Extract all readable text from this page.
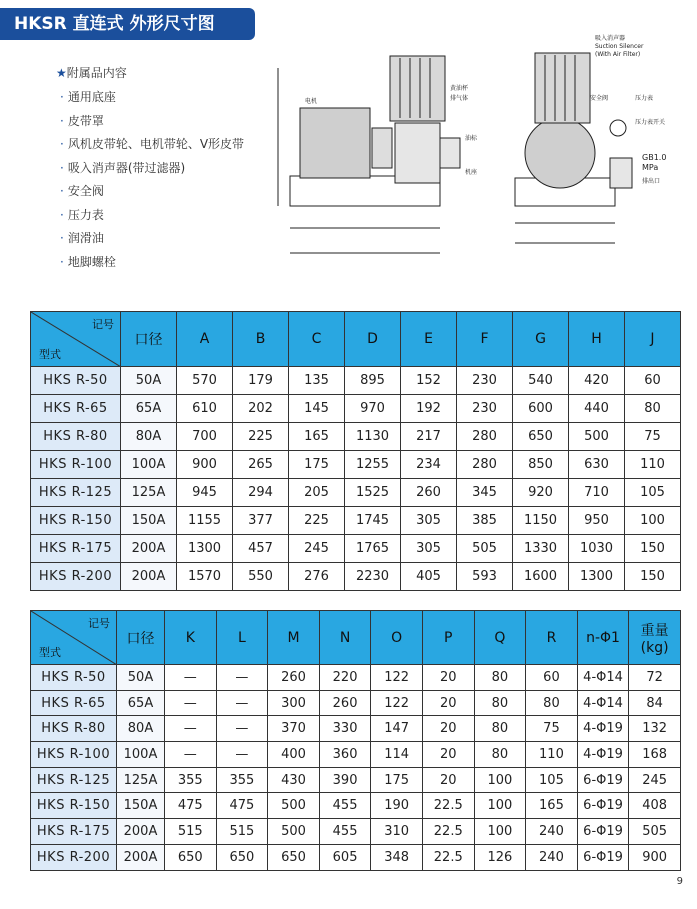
HKSR 直连式 外形尺寸图
★附属品内容
· 通用底座
· 皮带罩
· 风机皮带轮、电机带轮、V形皮带
· 吸入消声器(带过滤器)
· 安全阀
· 压力表
· 润滑油
· 地脚螺栓
电机
黄油杯
排气体
油标
机座
吸入消声器
Suction Silencer
(With Air Filter)
安全阀	压力表
压力表开关
GB1.0
MPa
排出口
记号
型式	口径	A	B	C	D	E	F	G	H	J
HKS R-50	50A	570	179	135	895	152	230	540	420	60
HKS R-65	65A	610	202	145	970	192	230	600	440	80
HKS R-80	80A	700	225	165	1130	217	280	650	500	75
HKS R-100	100A	900	265	175	1255	234	280	850	630	110
HKS R-125	125A	945	294	205	1525	260	345	920	710	105
HKS R-150	150A	1155	377	225	1745	305	385	1150	950	100
HKS R-175	200A	1300	457	245	1765	305	505	1330	1030	150
HKS R-200	200A	1570	550	276	2230	405	593	1600	1300	150
记号
型式	口径	K	L	M	N	O	P	Q	R	n-Φ1	重量
(kg)
HKS R-50	50A	—	—	260	220	122	20	80	60	4-Φ14	72
HKS R-65	65A	—	—	300	260	122	20	80	80	4-Φ14	84
HKS R-80	80A	—	—	370	330	147	20	80	75	4-Φ19	132
HKS R-100	100A	—	—	400	360	114	20	80	110	4-Φ19	168
HKS R-125	125A	355	355	430	390	175	20	100	105	6-Φ19	245
HKS R-150	150A	475	475	500	455	190	22.5	100	165	6-Φ19	408
HKS R-175	200A	515	515	500	455	310	22.5	100	240	6-Φ19	505
HKS R-200	200A	650	650	650	605	348	22.5	126	240	6-Φ19	900
9
